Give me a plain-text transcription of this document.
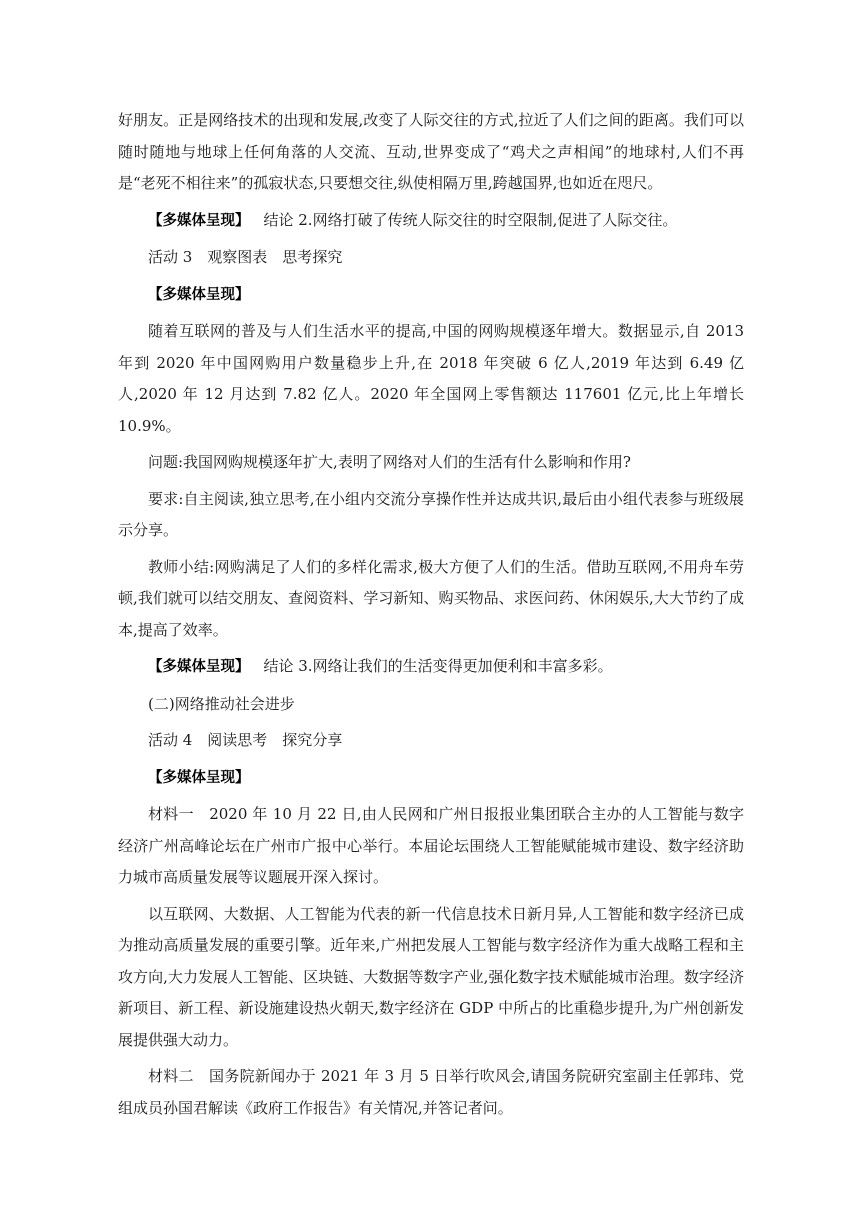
好朋友。正是网络技术的出现和发展,改变了人际交往的方式,拉近了人们之间的距离。我们可以随时随地与地球上任何角落的人交流、互动,世界变成了“鸡犬之声相闻”的地球村,人们不再是“老死不相往来”的孤寂状态,只要想交往,纵使相隔万里,跨越国界,也如近在咫尺。

【多媒体呈现】 结论 2.网络打破了传统人际交往的时空限制,促进了人际交往。

活动 3　观察图表　思考探究

【多媒体呈现】

随着互联网的普及与人们生活水平的提高,中国的网购规模逐年增大。数据显示,自 2013 年到 2020 年中国网购用户数量稳步上升,在 2018 年突破 6 亿人,2019 年达到 6.49 亿人,2020 年 12 月达到 7.82 亿人。2020 年全国网上零售额达 117601 亿元,比上年增长 10.9%。

问题:我国网购规模逐年扩大,表明了网络对人们的生活有什么影响和作用?

要求:自主阅读,独立思考,在小组内交流分享操作性并达成共识,最后由小组代表参与班级展示分享。

教师小结:网购满足了人们的多样化需求,极大方便了人们的生活。借助互联网,不用舟车劳顿,我们就可以结交朋友、查阅资料、学习新知、购买物品、求医问药、休闲娱乐,大大节约了成本,提高了效率。

【多媒体呈现】 结论 3.网络让我们的生活变得更加便利和丰富多彩。

(二)网络推动社会进步

活动 4　阅读思考　探究分享

【多媒体呈现】

材料一　2020 年 10 月 22 日,由人民网和广州日报报业集团联合主办的人工智能与数字经济广州高峰论坛在广州市广报中心举行。本届论坛围绕人工智能赋能城市建设、数字经济助力城市高质量发展等议题展开深入探讨。

以互联网、大数据、人工智能为代表的新一代信息技术日新月异,人工智能和数字经济已成为推动高质量发展的重要引擎。近年来,广州把发展人工智能与数字经济作为重大战略工程和主攻方向,大力发展人工智能、区块链、大数据等数字产业,强化数字技术赋能城市治理。数字经济新项目、新工程、新设施建设热火朝天,数字经济在 GDP 中所占的比重稳步提升,为广州创新发展提供强大动力。

材料二　国务院新闻办于 2021 年 3 月 5 日举行吹风会,请国务院研究室副主任郭玮、党组成员孙国君解读《政府工作报告》有关情况,并答记者问。
